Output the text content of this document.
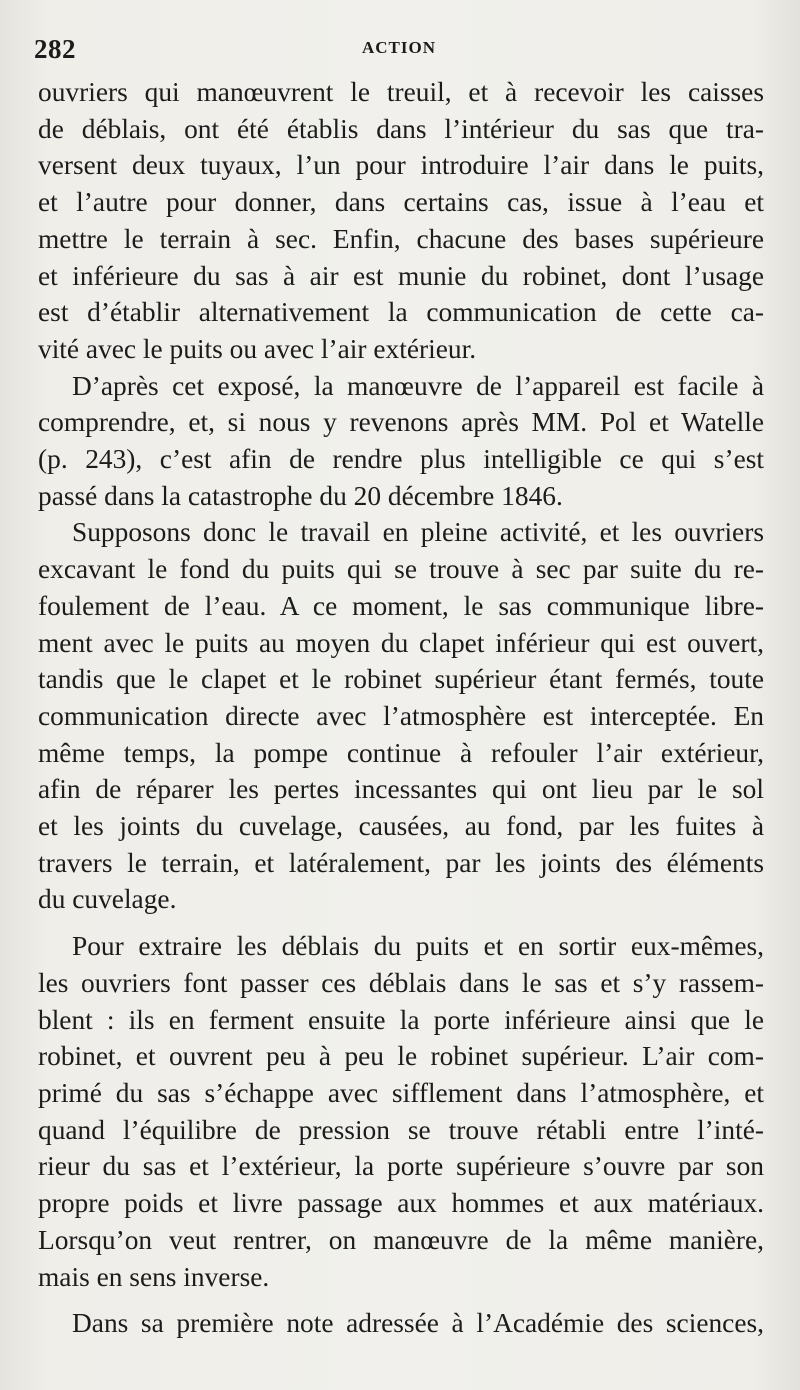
282	ACTION

ouvriers qui manœuvrent le treuil, et à recevoir les caisses

de déblais, ont été établis dans l’intérieur du sas que tra-

versent deux tuyaux, l’un pour introduire l’air dans le puits,

et l’autre pour donner, dans certains cas, issue à l’eau et

mettre le terrain à sec. Enfin, chacune des bases supérieure

et inférieure du sas à air est munie du robinet, dont l’usage

est d’établir alternativement la communication de cette ca-

vité avec le puits ou avec l’air extérieur.

D’après cet exposé, la manœuvre de l’appareil est facile à

comprendre, et, si nous y revenons après MM. Pol et Watelle

(p. 243), c’est afin de rendre plus intelligible ce qui s’est

passé dans la catastrophe du 20 décembre 1846.

Supposons donc le travail en pleine activité, et les ouvriers

excavant le fond du puits qui se trouve à sec par suite du re-

foulement de l’eau. A ce moment, le sas communique libre-

ment avec le puits au moyen du clapet inférieur qui est ouvert,

tandis que le clapet et le robinet supérieur étant fermés, toute

communication directe avec l’atmosphère est interceptée. En

même temps, la pompe continue à refouler l’air extérieur,

afin de réparer les pertes incessantes qui ont lieu par le sol

et les joints du cuvelage, causées, au fond, par les fuites à

travers le terrain, et latéralement, par les joints des éléments

du cuvelage.

Pour extraire les déblais du puits et en sortir eux-mêmes,

les ouvriers font passer ces déblais dans le sas et s’y rassem-

blent : ils en ferment ensuite la porte inférieure ainsi que le

robinet, et ouvrent peu à peu le robinet supérieur. L’air com-

primé du sas s’échappe avec sifflement dans l’atmosphère, et

quand l’équilibre de pression se trouve rétabli entre l’inté-

rieur du sas et l’extérieur, la porte supérieure s’ouvre par son

propre poids et livre passage aux hommes et aux matériaux.

Lorsqu’on veut rentrer, on manœuvre de la même manière,

mais en sens inverse.

Dans sa première note adressée à l’Académie des sciences,
